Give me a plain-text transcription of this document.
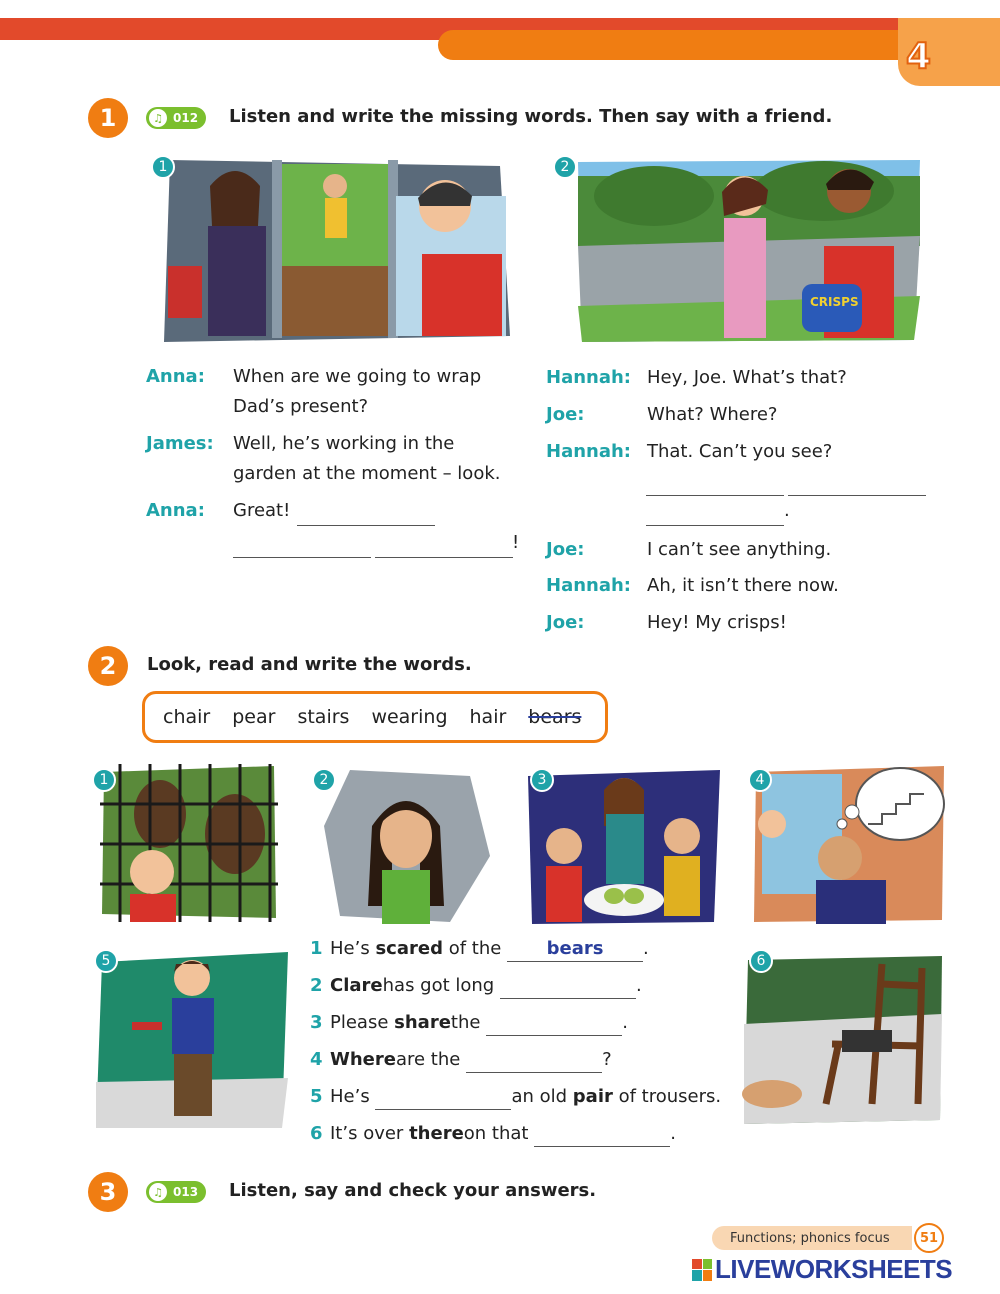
4
1	♫ 012 Listen and write the missing words. Then say with a friend.
1
CRISPS
2
Anna: When are we going to wrap
Dad’s present?
James: Well, he’s working in the
garden at the moment – look.
Anna: Great!
!
Hannah: Hey, Joe. What’s that?
Joe:	What? Where?
Hannah: That. Can’t you see?
.
Joe:	I can’t see anything.
Hannah: Ah, it isn’t there now.
Joe:	Hey! My crisps!
2	Look, read and write the words.
chair pear stairs wearing hair bears
1	2	3	4
5	6
1 He’s
scared
of the

bears	.
2 Clare has got long
	.
3 Please
share the
	.
4 Where are the
	?
5 He’s
	an old
pair
of trousers.
6 It’s over
there on that
	.
3	♫ 013 Listen, say and check your answers.
Functions; phonics focus	51
LIVEWORKSHEETS
